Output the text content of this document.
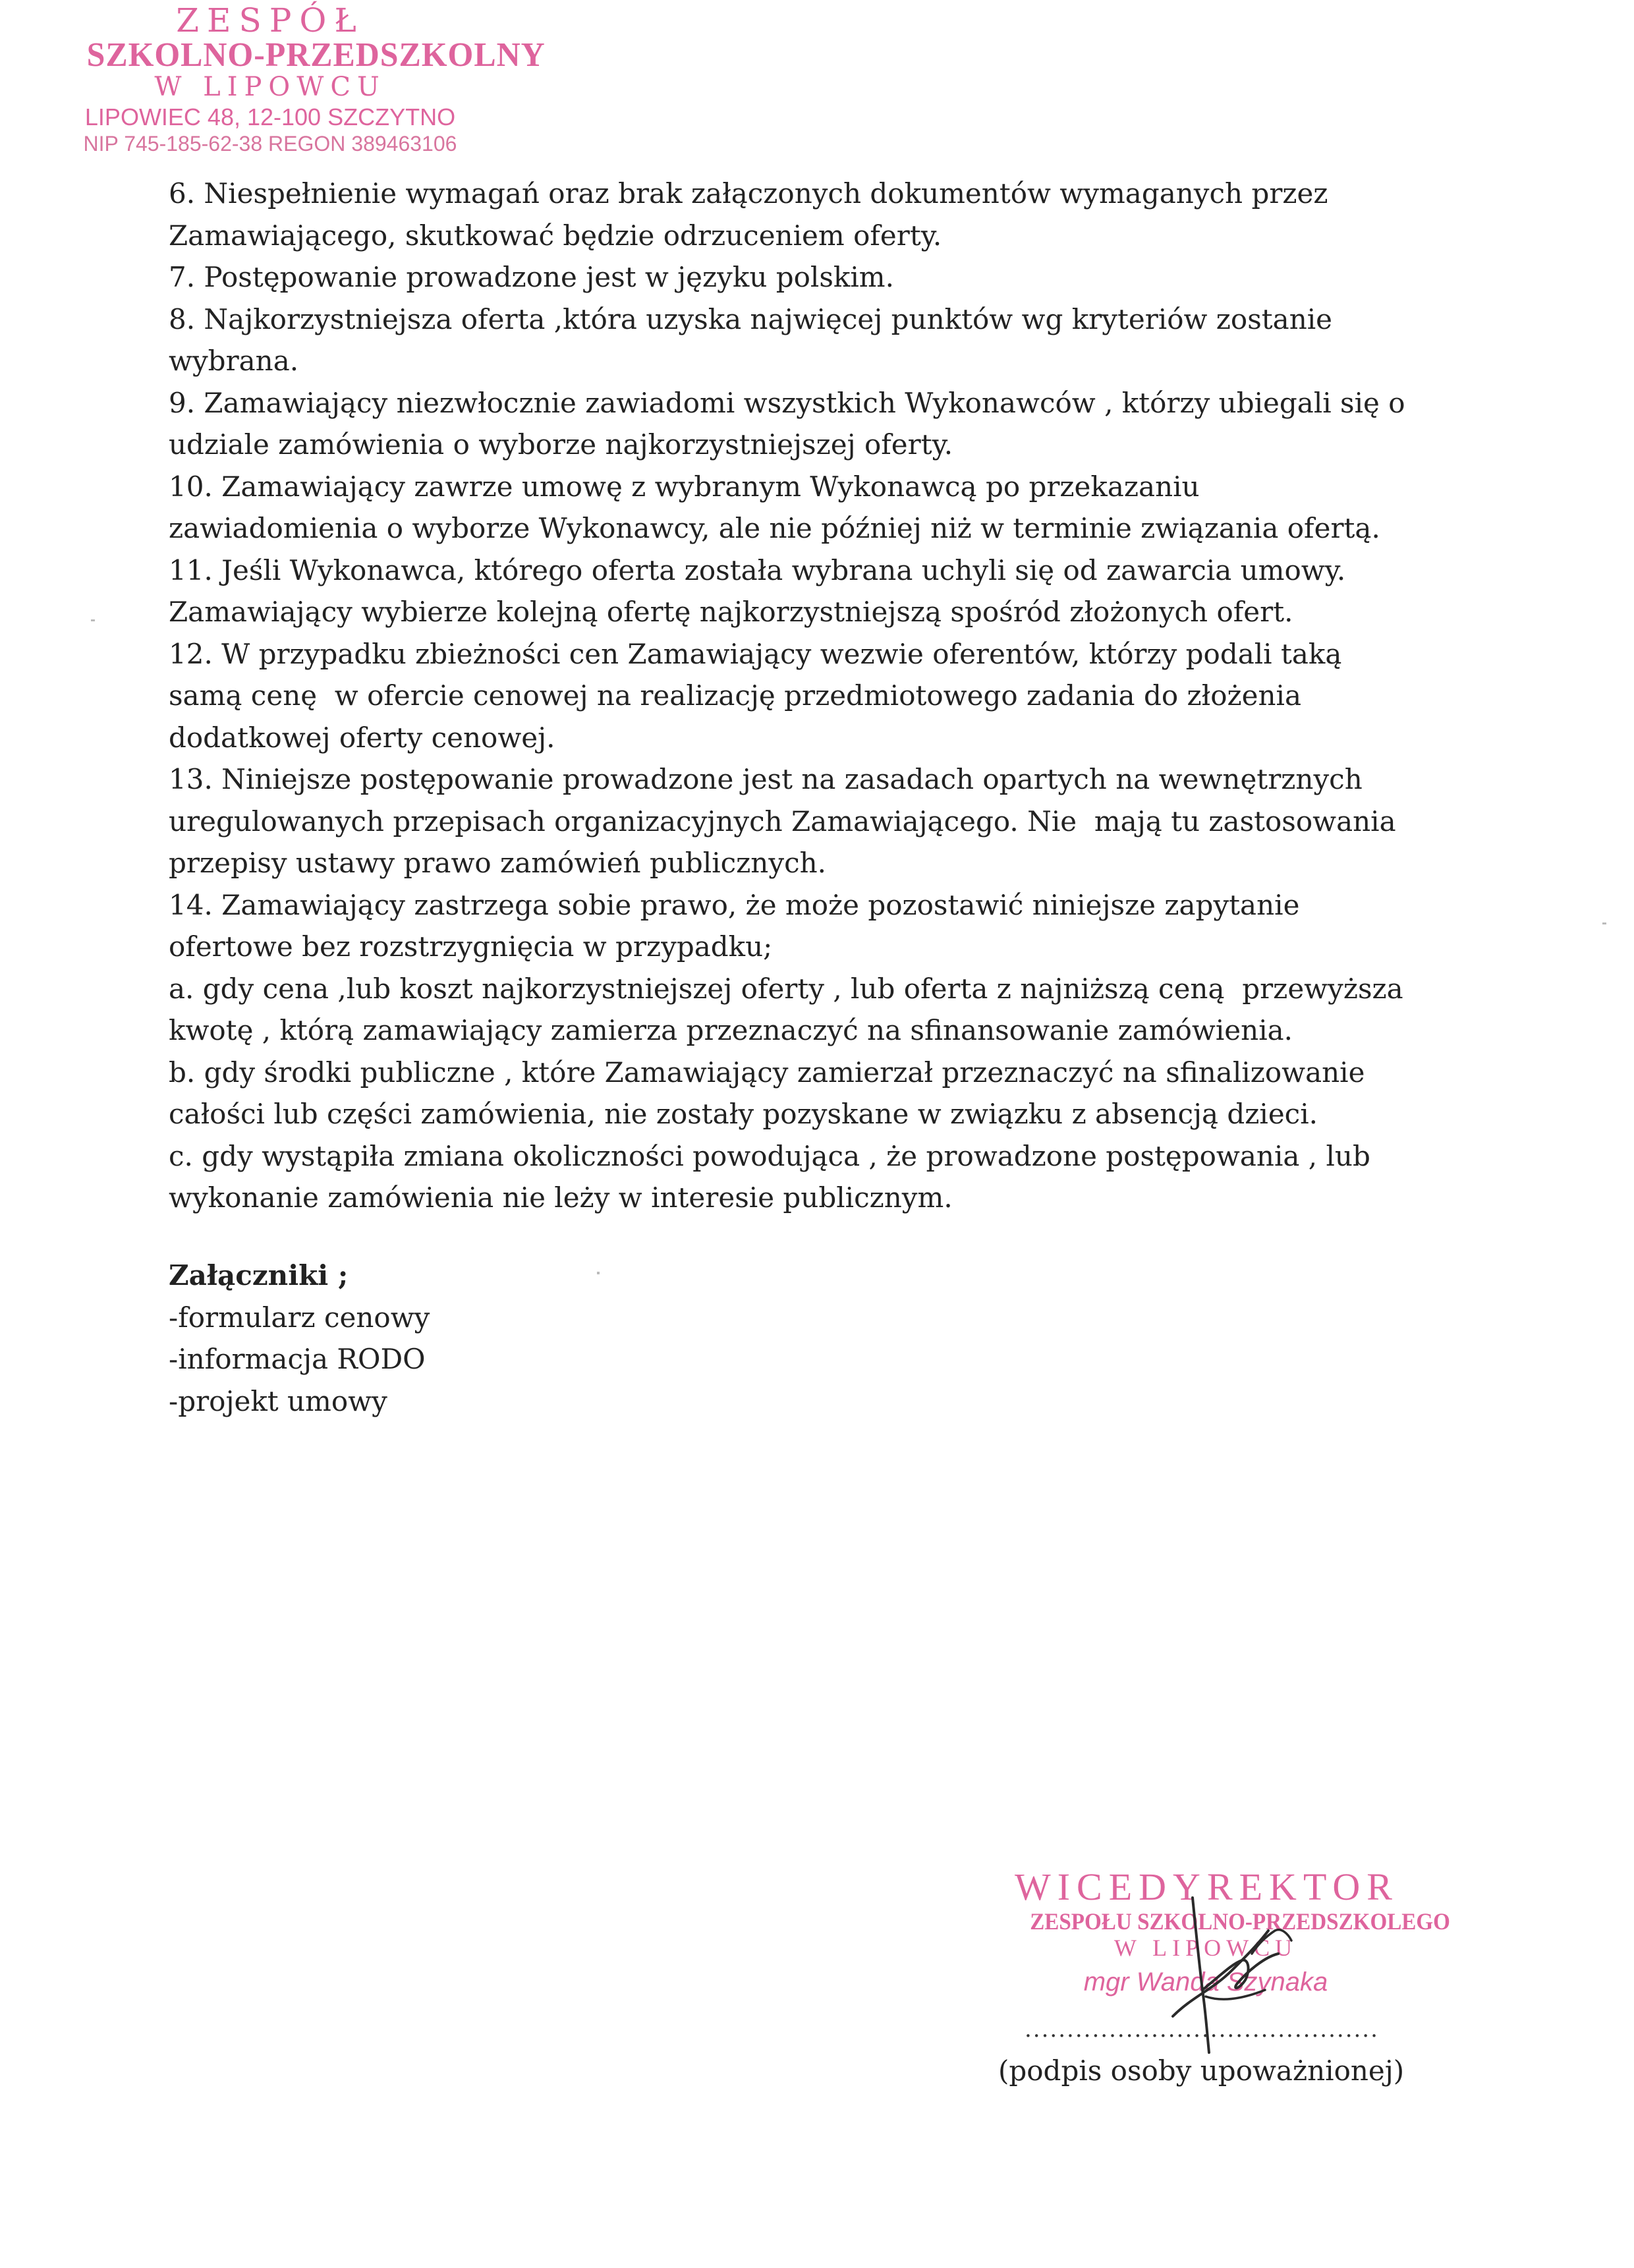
ZESPÓŁ
SZKOLNO-PRZEDSZKOLNY
W LIPOWCU
LIPOWIEC 48, 12-100 SZCZYTNO
NIP 745-185-62-38 REGON 389463106

6. Niespełnienie wymagań oraz brak załączonych dokumentów wymaganych przez

Zamawiającego, skutkować będzie odrzuceniem oferty.

7. Postępowanie prowadzone jest w języku polskim.

8. Najkorzystniejsza oferta ,która uzyska najwięcej punktów wg kryteriów zostanie

wybrana.

9. Zamawiający niezwłocznie zawiadomi wszystkich Wykonawców , którzy ubiegali się o

udziale zamówienia o wyborze najkorzystniejszej oferty.

10. Zamawiający zawrze umowę z wybranym Wykonawcą po przekazaniu

zawiadomienia o wyborze Wykonawcy, ale nie później niż w terminie związania ofertą.

11. Jeśli Wykonawca, którego oferta została wybrana uchyli się od zawarcia umowy.

Zamawiający wybierze kolejną ofertę najkorzystniejszą spośród złożonych ofert.

12. W przypadku zbieżności cen Zamawiający wezwie oferentów, którzy podali taką

samą cenę  w ofercie cenowej na realizację przedmiotowego zadania do złożenia

dodatkowej oferty cenowej.

13. Niniejsze postępowanie prowadzone jest na zasadach opartych na wewnętrznych

uregulowanych przepisach organizacyjnych Zamawiającego. Nie  mają tu zastosowania

przepisy ustawy prawo zamówień publicznych.

14. Zamawiający zastrzega sobie prawo, że może pozostawić niniejsze zapytanie

ofertowe bez rozstrzygnięcia w przypadku;

a. gdy cena ,lub koszt najkorzystniejszej oferty , lub oferta z najniższą ceną  przewyższa

kwotę , którą zamawiający zamierza przeznaczyć na sfinansowanie zamówienia.

b. gdy środki publiczne , które Zamawiający zamierzał przeznaczyć na sfinalizowanie

całości lub części zamówienia, nie zostały pozyskane w związku z absencją dzieci.

c. gdy wystąpiła zmiana okoliczności powodująca , że prowadzone postępowania , lub

wykonanie zamówienia nie leży w interesie publicznym.

Załączniki ;

-formularz cenowy

-informacja RODO

-projekt umowy

WICEDYREKTOR
ZESPOŁU SZKOLNO-PRZEDSZKOLEGO
W LIPOWCU
mgr Wanda Szynaka
..........................................
(podpis osoby upoważnionej)
